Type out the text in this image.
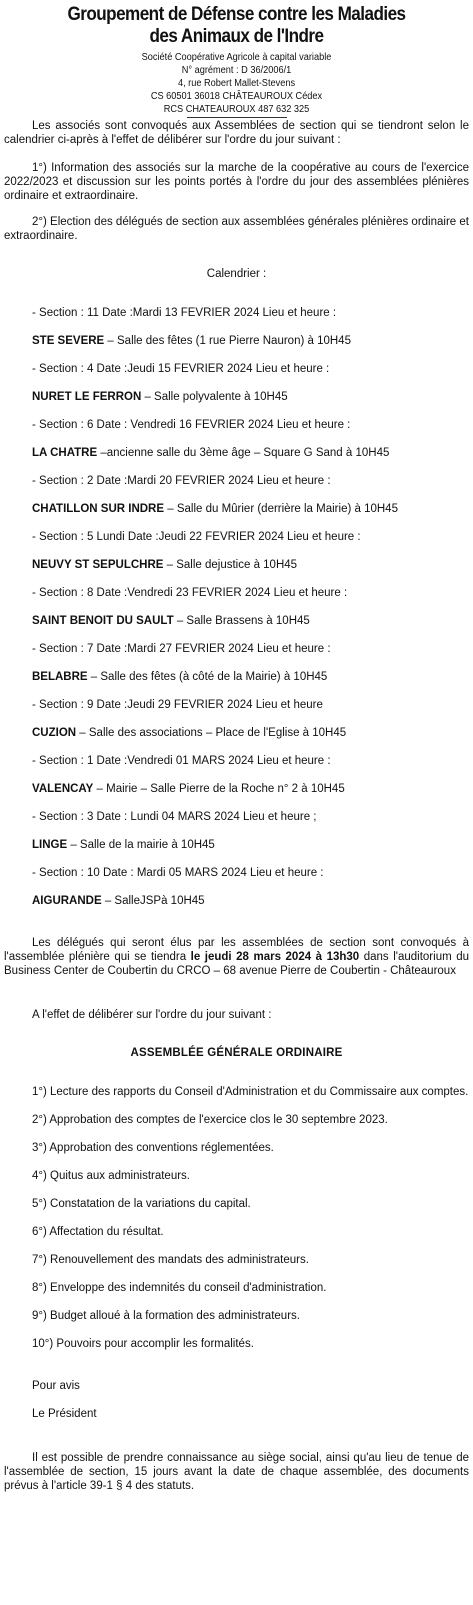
Groupement de Défense contre les Maladies
des Animaux de l'Indre
Société Coopérative Agricole à capital variable
N° agrément : D 36/2006/1
4, rue Robert Mallet-Stevens
CS 60501 36018 CHÂTEAUROUX Cédex
RCS CHATEAUROUX 487 632 325

Les associés sont convoqués aux Assemblées de section qui se tiendront selon le calendrier ci-après à l'effet de délibérer sur l'ordre du jour suivant :

1°) Information des associés sur la marche de la coopérative au cours de l'exercice 2022/2023 et discussion sur les points portés à l'ordre du jour des assemblées plénières ordinaire et extraordinaire.

2°) Election des délégués de section aux assemblées générales plénières ordinaire et extraordinaire.

Calendrier :

- Section : 11 Date :Mardi 13 FEVRIER 2024 Lieu et heure :
STE SEVERE – Salle des fêtes (1 rue Pierre Nauron) à 10H45
- Section : 4 Date :Jeudi 15 FEVRIER 2024 Lieu et heure :
NURET LE FERRON – Salle polyvalente à 10H45
- Section : 6 Date : Vendredi 16 FEVRIER 2024 Lieu et heure :
LA CHATRE –ancienne salle du 3ème âge – Square G Sand à 10H45
- Section : 2 Date :Mardi 20 FEVRIER 2024 Lieu et heure :
CHATILLON SUR INDRE – Salle du Mûrier (derrière la Mairie) à 10H45
- Section : 5 Lundi Date :Jeudi 22 FEVRIER 2024 Lieu et heure :
NEUVY ST SEPULCHRE – Salle dejustice à 10H45
- Section : 8 Date :Vendredi 23 FEVRIER 2024 Lieu et heure :
SAINT BENOIT DU SAULT – Salle Brassens à 10H45
- Section : 7 Date :Mardi 27 FEVRIER 2024 Lieu et heure :
BELABRE – Salle des fêtes (à côté de la Mairie) à 10H45
- Section : 9 Date :Jeudi 29 FEVRIER 2024 Lieu et heure
CUZION – Salle des associations – Place de l'Eglise à 10H45
- Section : 1 Date :Vendredi 01 MARS 2024 Lieu et heure :
VALENCAY – Mairie – Salle Pierre de la Roche n° 2 à 10H45
- Section : 3 Date : Lundi 04 MARS 2024 Lieu et heure ;
LINGE – Salle de la mairie à 10H45
- Section : 10 Date : Mardi 05 MARS 2024 Lieu et heure :
AIGURANDE – SalleJSPà 10H45

Les délégués qui seront élus par les assemblées de section sont convoqués à l'assemblée plénière qui se tiendra le jeudi 28 mars 2024 à 13h30 dans l'auditorium du Business Center de Coubertin du CRCO – 68 avenue Pierre de Coubertin - Châteauroux

A l'effet de délibérer sur l'ordre du jour suivant :

ASSEMBLÉE GÉNÉRALE ORDINAIRE

1°) Lecture des rapports du Conseil d'Administration et du Commissaire aux comptes.

2°) Approbation des comptes de l'exercice clos le 30 septembre 2023.
3°) Approbation des conventions réglementées.
4°) Quitus aux administrateurs.
5°) Constatation de la variations du capital.
6°) Affectation du résultat.
7°) Renouvellement des mandats des administrateurs.
8°) Enveloppe des indemnités du conseil d'administration.
9°) Budget alloué à la formation des administrateurs.
10°) Pouvoirs pour accomplir les formalités.
Pour avis
Le Président

Il est possible de prendre connaissance au siège social, ainsi qu'au lieu de tenue de l'assemblée de section, 15 jours avant la date de chaque assemblée, des documents prévus à l'article 39-1 § 4 des statuts.
